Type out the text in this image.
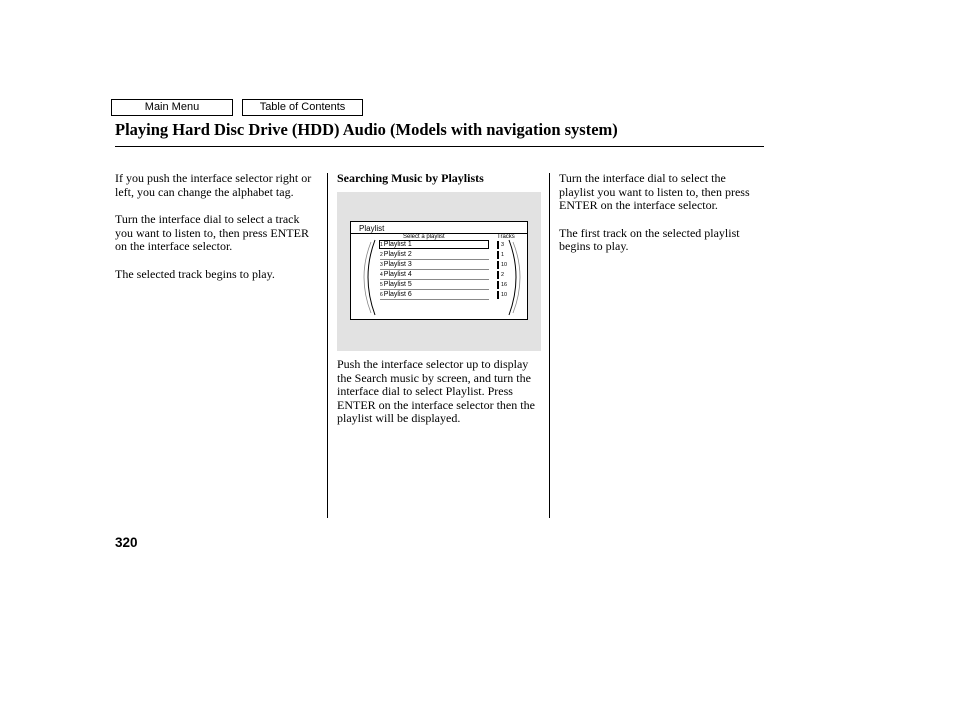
Main Menu	Table of Contents
Playing Hard Disc Drive (HDD) Audio (Models with navigation system)

If you push the interface selector right or left, you can change the alphabet tag.

Turn the interface dial to select a track you want to listen to, then press ENTER on the interface selector.

The selected track begins to play.

Searching Music by Playlists

Playlist
Select a playlist	Tracks
1Playlist 1	3
2Playlist 2	1
3Playlist 3	10
4Playlist 4	2
5Playlist 5	16
6Playlist 6	10

Push the interface selector up to display the Search music by screen, and turn the interface dial to select Playlist. Press ENTER on the interface selector then the playlist will be displayed.

Turn the interface dial to select the playlist you want to listen to, then press ENTER on the interface selector.

The first track on the selected playlist begins to play.

320
